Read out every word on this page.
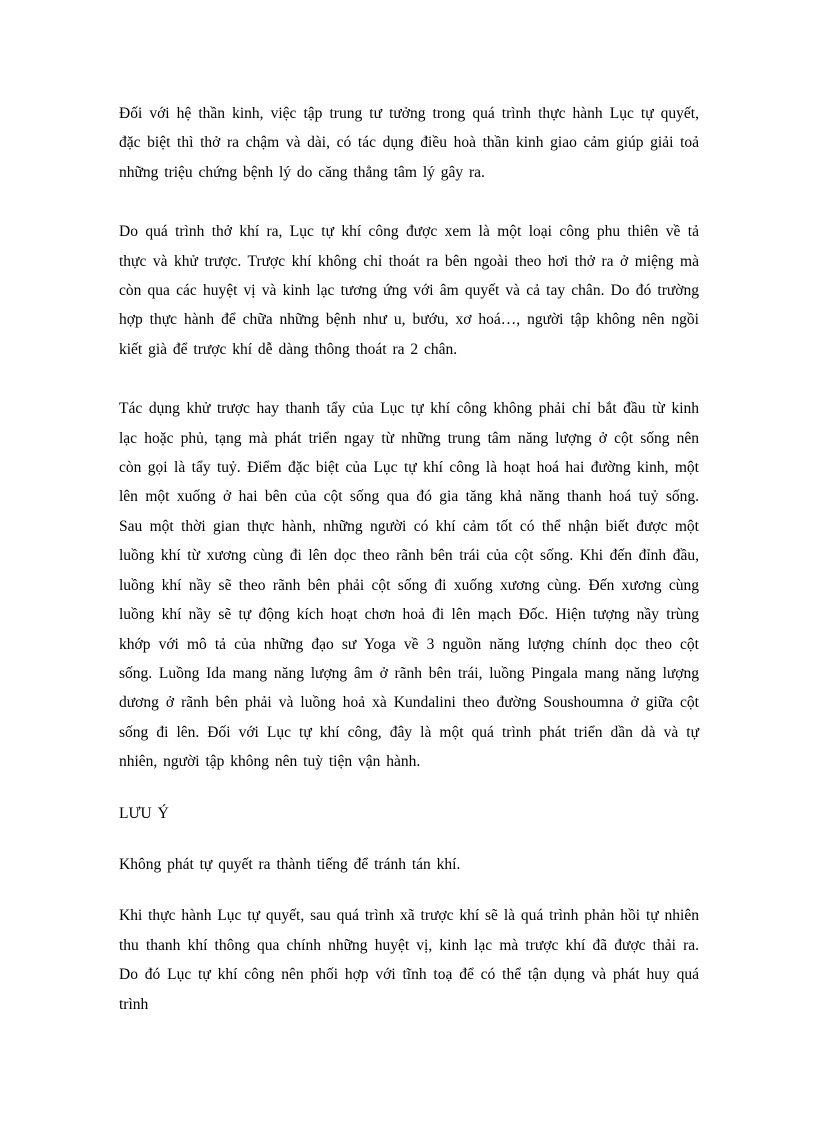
Đối với hệ thần kinh, việc tập trung tư tưởng trong quá trình thực hành Lục tự quyết, đặc biệt thì thở ra chậm và dài, có tác dụng điều hoà thần kinh giao cảm giúp giải toả những triệu chứng bệnh lý do căng thẳng tâm lý gây ra.

Do quá trình thở khí ra, Lục tự khí công được xem là một loại công phu thiên về tả thực và khử trược. Trược khí không chỉ thoát ra bên ngoài theo hơi thở ra ở miệng mà còn qua các huyệt vị và kinh lạc tương ứng với âm quyết và cả tay chân. Do đó trường hợp thực hành để chữa những bệnh như u, bướu, xơ hoá…, người tập không nên ngồi kiết già để trược khí dễ dàng thông thoát ra 2 chân.

Tác dụng khử trược hay thanh tẩy của Lục tự khí công không phải chỉ bắt đầu từ kinh lạc hoặc phủ, tạng mà phát triển ngay từ những trung tâm năng lượng ở cột sống nên còn gọi là tẩy tuỷ. Điểm đặc biệt của Lục tự khí công là hoạt hoá hai đường kinh, một lên một xuống ở hai bên của cột sống qua đó gia tăng khả năng thanh hoá tuỷ sống. Sau một thời gian thực hành, những người có khí cảm tốt có thể nhận biết được một luồng khí từ xương cùng đi lên dọc theo rãnh bên trái của cột sống. Khi đến đỉnh đầu, luồng khí nầy sẽ theo rãnh bên phải cột sống đi xuống xương cùng. Đến xương cùng luồng khí nầy sẽ tự động kích hoạt chơn hoả đi lên mạch Đốc. Hiện tượng nầy trùng khớp với mô tả của những đạo sư Yoga về 3 nguồn năng lượng chính dọc theo cột sống. Luồng Ida mang năng lượng âm ở rãnh bên trái, luồng Pingala mang năng lượng dương ở rãnh bên phải và luồng hoả xà Kundalini theo đường Soushoumna ở giữa cột sống đi lên. Đối với Lục tự khí công, đây là một quá trình phát triển dần dà và tự nhiên, người tập không nên tuỳ tiện vận hành.

LƯU Ý

Không phát tự quyết ra thành tiếng để tránh tán khí.

Khi thực hành Lục tự quyết, sau quá trình xã trược khí sẽ là quá trình phản hồi tự nhiên thu thanh khí thông qua chính những huyệt vị, kinh lạc mà trược khí đã được thải ra. Do đó Lục tự khí công nên phối hợp với tĩnh toạ để có thể tận dụng và phát huy quá trình
